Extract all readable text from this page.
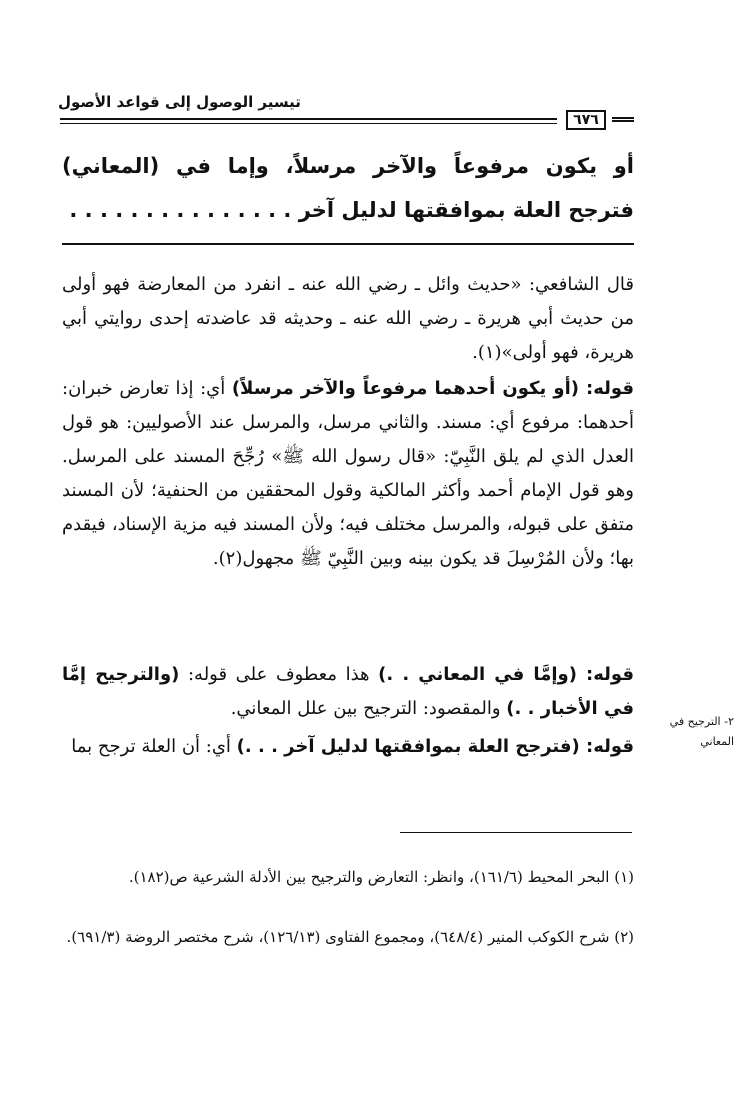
تيسير الوصول إلى قواعد الأصول
٦٧٦
أو يكون مرفوعاً والآخر مرسلاً، وإما في (المعاني) فترجح العلة بموافقتها لدليل آخر . . . . . . . . . . . . . . .
قال الشافعي: «حديث وائل ـ رضي الله عنه ـ انفرد من المعارضة فهو أولى من حديث أبي هريرة ـ رضي الله عنه ـ وحديثه قد عاضدته إحدى روايتي أبي هريرة، فهو أولى»(١).
قوله: (أو يكون أحدهما مرفوعاً والآخر مرسلاً) أي: إذا تعارض خبران: أحدهما: مرفوع أي: مسند. والثاني مرسل، والمرسل عند الأصوليين: هو قول العدل الذي لم يلق النَّبِيّ: «قال رسول الله ﷺ» رُجِّحَ المسند على المرسل. وهو قول الإمام أحمد وأكثر المالكية وقول المحققين من الحنفية؛ لأن المسند متفق على قبوله، والمرسل مختلف فيه؛ ولأن المسند فيه مزية الإسناد، فيقدم بها؛ ولأن المُرْسِلَ قد يكون بينه وبين النَّبِيّ ﷺ مجهول(٢).
قوله: (وإمَّا في المعاني . .) هذا معطوف على قوله: (والترجيح إمَّا في الأخبار . .) والمقصود: الترجيح بين علل المعاني.
قوله: (فترجح العلة بموافقتها لدليل آخر . . .) أي: أن العلة ترجح بما
٢- الترجيح في المعاني
(١) البحر المحيط (١٦١/٦)، وانظر: التعارض والترجيح بين الأدلة الشرعية ص(١٨٢).
(٢) شرح الكوكب المنير (٦٤٨/٤)، ومجموع الفتاوى (١٢٦/١٣)، شرح مختصر الروضة (٦٩١/٣).
